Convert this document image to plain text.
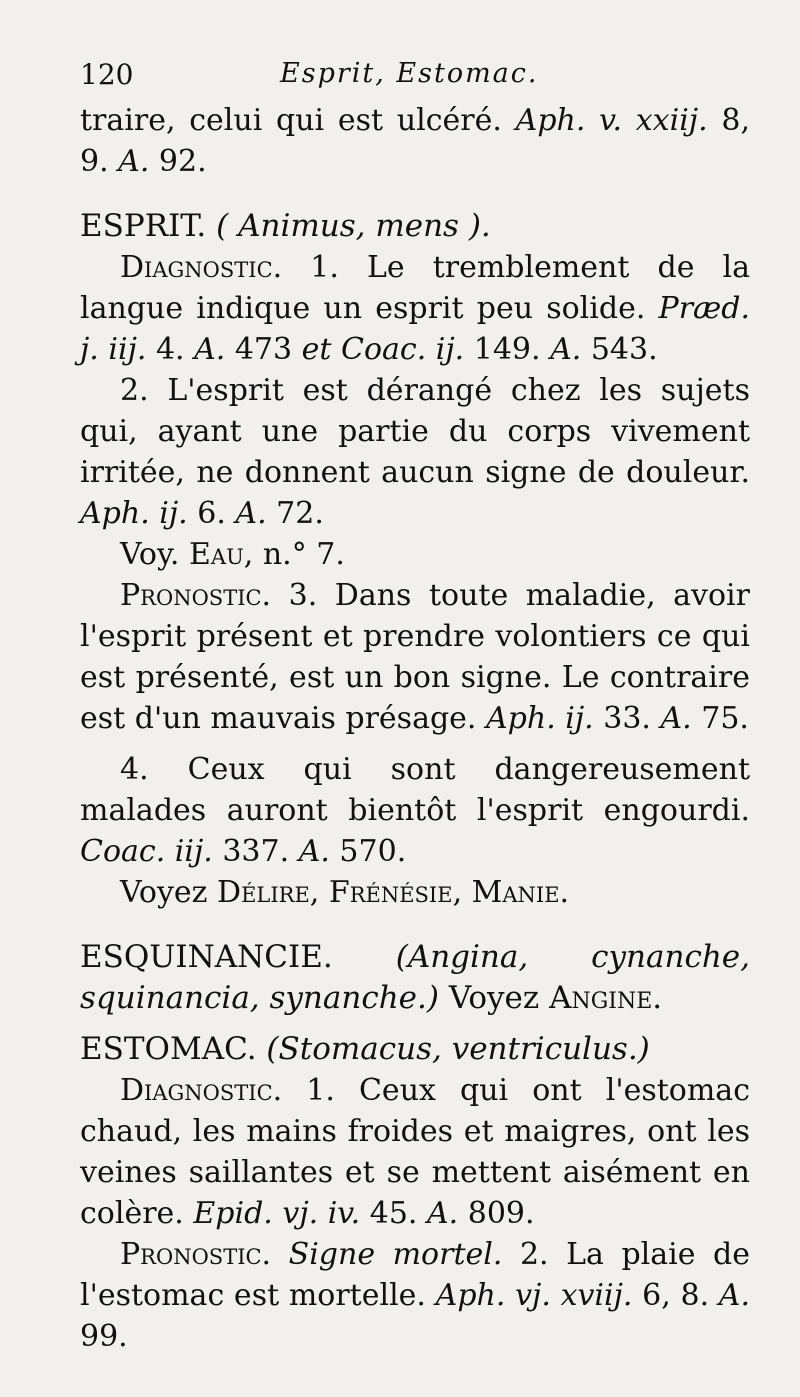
120	Esprit, Estomac.

traire, celui qui est ulcéré. Aph. v. xxiij. 8, 9. A. 92.

ESPRIT. ( Animus, mens ).

Diagnostic. 1. Le tremblement de la langue indique un esprit peu solide. Præd. j. iij. 4. A. 473 et Coac. ij. 149. A. 543.

2. L'esprit est dérangé chez les sujets qui, ayant une partie du corps vivement irritée, ne donnent aucun signe de douleur. Aph. ij. 6. A. 72.

Voy. Eau, n.° 7.

Pronostic. 3. Dans toute maladie, avoir l'esprit présent et prendre volontiers ce qui est présenté, est un bon signe. Le contraire est d'un mauvais présage. Aph. ij. 33. A. 75.

4. Ceux qui sont dangereusement malades auront bientôt l'esprit engourdi. Coac. iij. 337. A. 570.

Voyez Délire, Frénésie, Manie.

ESQUINANCIE. (Angina, cynanche, squinancia, synanche.) Voyez Angine.

ESTOMAC. (Stomacus, ventriculus.)

Diagnostic. 1. Ceux qui ont l'estomac chaud, les mains froides et maigres, ont les veines saillantes et se mettent aisément en colère. Epid. vj. iv. 45. A. 809.

Pronostic. Signe mortel. 2. La plaie de l'estomac est mortelle. Aph. vj. xviij. 6, 8. A. 99.
